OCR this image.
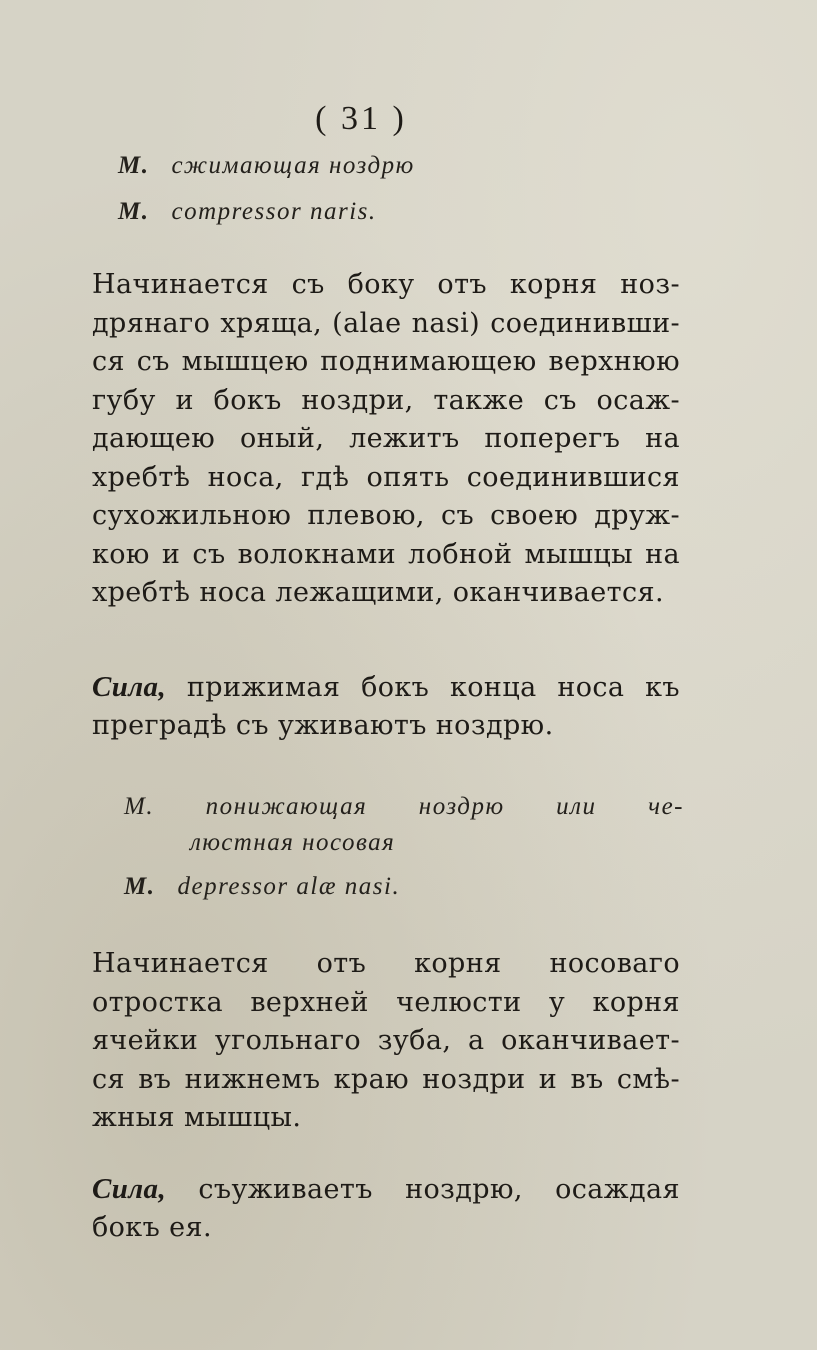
( 31 )
М. сжимающая ноздрю
M. compressor naris.
Начинается съ боку отъ корня ноз-
дрянаго хряща, (alae nasi) соединивши-
ся съ мышцею поднимающею верхнюю
губу и бокъ ноздри, также съ осаж-
дающею оный, лежитъ поперегъ на
хребтѣ носа, гдѣ опять соединившися
сухожильною плевою, съ своею друж-
кою и съ волокнами лобной мышцы на
хребтѣ носа лежащими, оканчивается.
Сила, прижимая бокъ конца носа къ
преградѣ съ уживаютъ ноздрю.
М. понижающая ноздрю или че-
люстная носовая
M. depressor alæ nasi.
Начинается отъ корня носоваго
отростка верхней челюсти у корня
ячейки угольнаго зуба, а оканчивает-
ся въ нижнемъ краю ноздри и въ смѣ-
жныя мышцы.
Сила, съуживаетъ ноздрю, осаждая
бокъ ея.
